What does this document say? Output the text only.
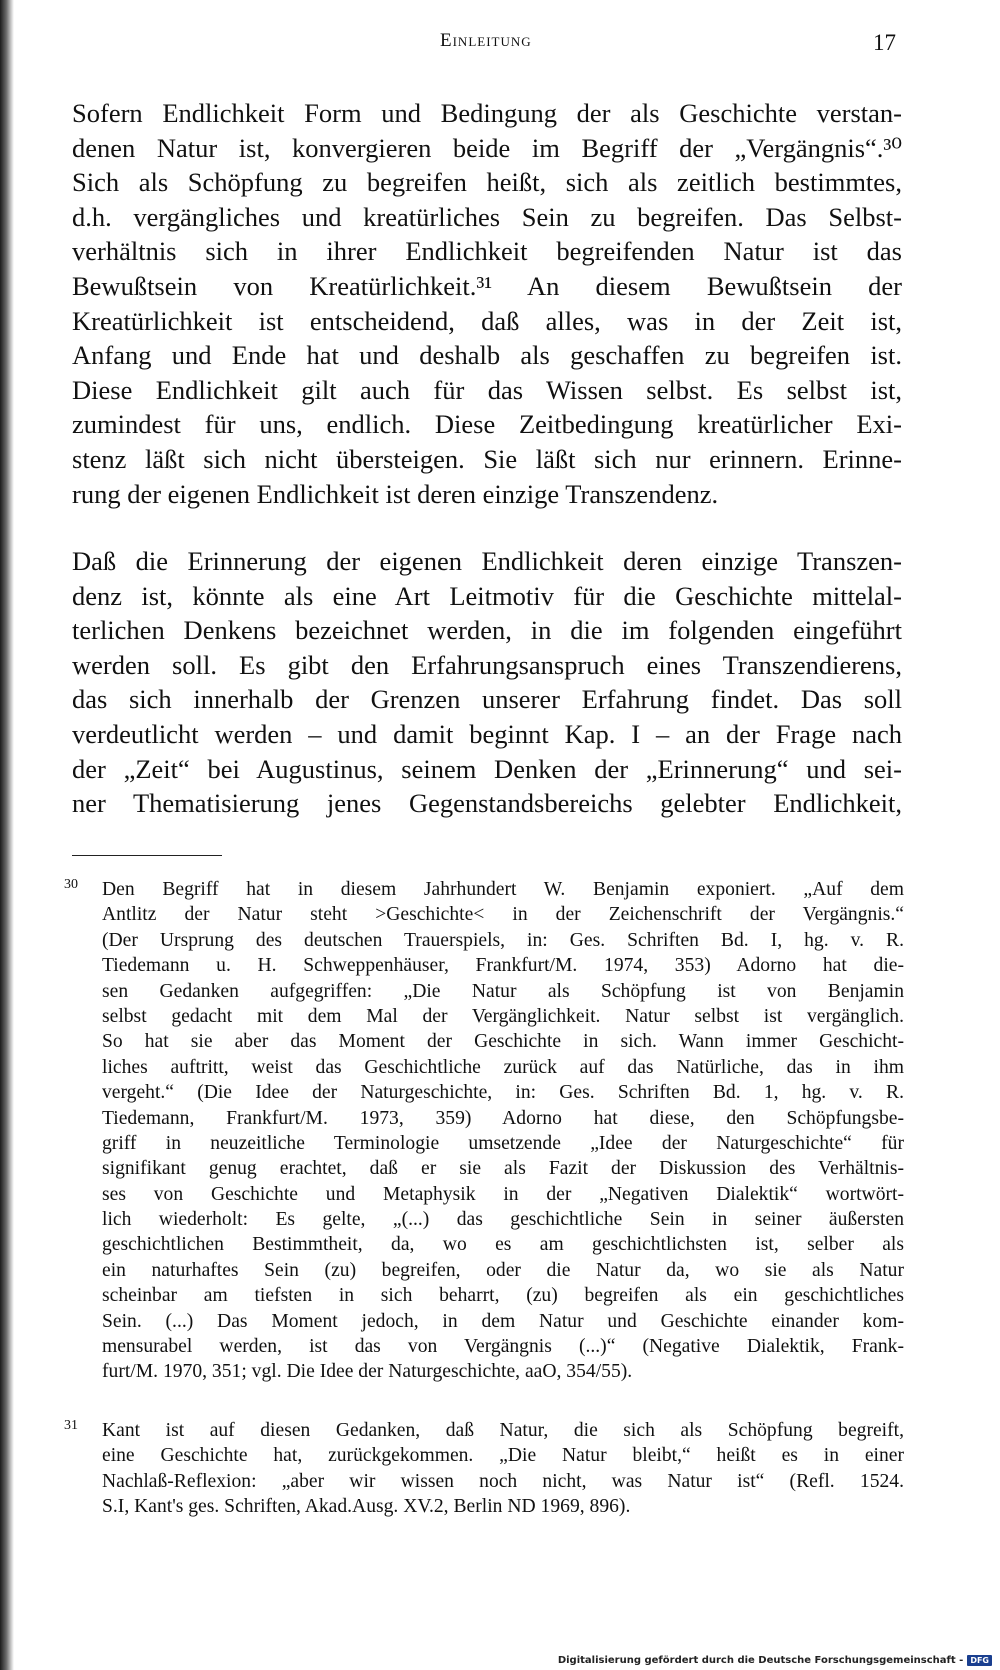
Einleitung	17
Sofern Endlichkeit Form und Bedingung der als Geschichte verstan-
denen Natur ist, konvergieren beide im Begriff der „Vergängnis“.³⁰
Sich als Schöpfung zu begreifen heißt, sich als zeitlich bestimmtes,
d.h. vergängliches und kreatürliches Sein zu begreifen. Das Selbst-
verhältnis sich in ihrer Endlichkeit begreifenden Natur ist das
Bewußtsein von Kreatürlichkeit.³¹ An diesem Bewußtsein der
Kreatürlichkeit ist entscheidend, daß alles, was in der Zeit ist,
Anfang und Ende hat und deshalb als geschaffen zu begreifen ist.
Diese Endlichkeit gilt auch für das Wissen selbst. Es selbst ist,
zumindest für uns, endlich. Diese Zeitbedingung kreatürlicher Exi-
stenz läßt sich nicht übersteigen. Sie läßt sich nur erinnern. Erinne-
rung der eigenen Endlichkeit ist deren einzige Transzendenz.
Daß die Erinnerung der eigenen Endlichkeit deren einzige Transzen-
denz ist, könnte als eine Art Leitmotiv für die Geschichte mittelal-
terlichen Denkens bezeichnet werden, in die im folgenden eingeführt
werden soll. Es gibt den Erfahrungsanspruch eines Transzendierens,
das sich innerhalb der Grenzen unserer Erfahrung findet. Das soll
verdeutlicht werden – und damit beginnt Kap. I – an der Frage nach
der „Zeit“ bei Augustinus, seinem Denken der „Erinnerung“ und sei-
ner Thematisierung jenes Gegenstandsbereichs gelebter Endlichkeit,
30 Den Begriff hat in diesem Jahrhundert W. Benjamin exponiert. „Auf dem
Antlitz der Natur steht >Geschichte< in der Zeichenschrift der Vergängnis.“
(Der Ursprung des deutschen Trauerspiels, in: Ges. Schriften Bd. I, hg. v. R.
Tiedemann u. H. Schweppenhäuser, Frankfurt/M. 1974, 353) Adorno hat die-
sen Gedanken aufgegriffen: „Die Natur als Schöpfung ist von Benjamin
selbst gedacht mit dem Mal der Vergänglichkeit. Natur selbst ist vergänglich.
So hat sie aber das Moment der Geschichte in sich. Wann immer Geschicht-
liches auftritt, weist das Geschichtliche zurück auf das Natürliche, das in ihm
vergeht.“ (Die Idee der Naturgeschichte, in: Ges. Schriften Bd. 1, hg. v. R.
Tiedemann, Frankfurt/M. 1973, 359) Adorno hat diese, den Schöpfungsbe-
griff in neuzeitliche Terminologie umsetzende „Idee der Naturgeschichte“ für
signifikant genug erachtet, daß er sie als Fazit der Diskussion des Verhältnis-
ses von Geschichte und Metaphysik in der „Negativen Dialektik“ wortwört-
lich wiederholt: Es gelte, „(...) das geschichtliche Sein in seiner äußersten
geschichtlichen Bestimmtheit, da, wo es am geschichtlichsten ist, selber als
ein naturhaftes Sein (zu) begreifen, oder die Natur da, wo sie als Natur
scheinbar am tiefsten in sich beharrt, (zu) begreifen als ein geschichtliches
Sein. (...) Das Moment jedoch, in dem Natur und Geschichte einander kom-
mensurabel werden, ist das von Vergängnis (...)“ (Negative Dialektik, Frank-
furt/M. 1970, 351; vgl. Die Idee der Naturgeschichte, aaO, 354/55).
31 Kant ist auf diesen Gedanken, daß Natur, die sich als Schöpfung begreift,
eine Geschichte hat, zurückgekommen. „Die Natur bleibt,“ heißt es in einer
Nachlaß-Reflexion: „aber wir wissen noch nicht, was Natur ist“ (Refl. 1524.
S.I, Kant's ges. Schriften, Akad.Ausg. XV.2, Berlin ND 1969, 896).
Digitalisierung gefördert durch die Deutsche Forschungsgemeinschaft - DFG
